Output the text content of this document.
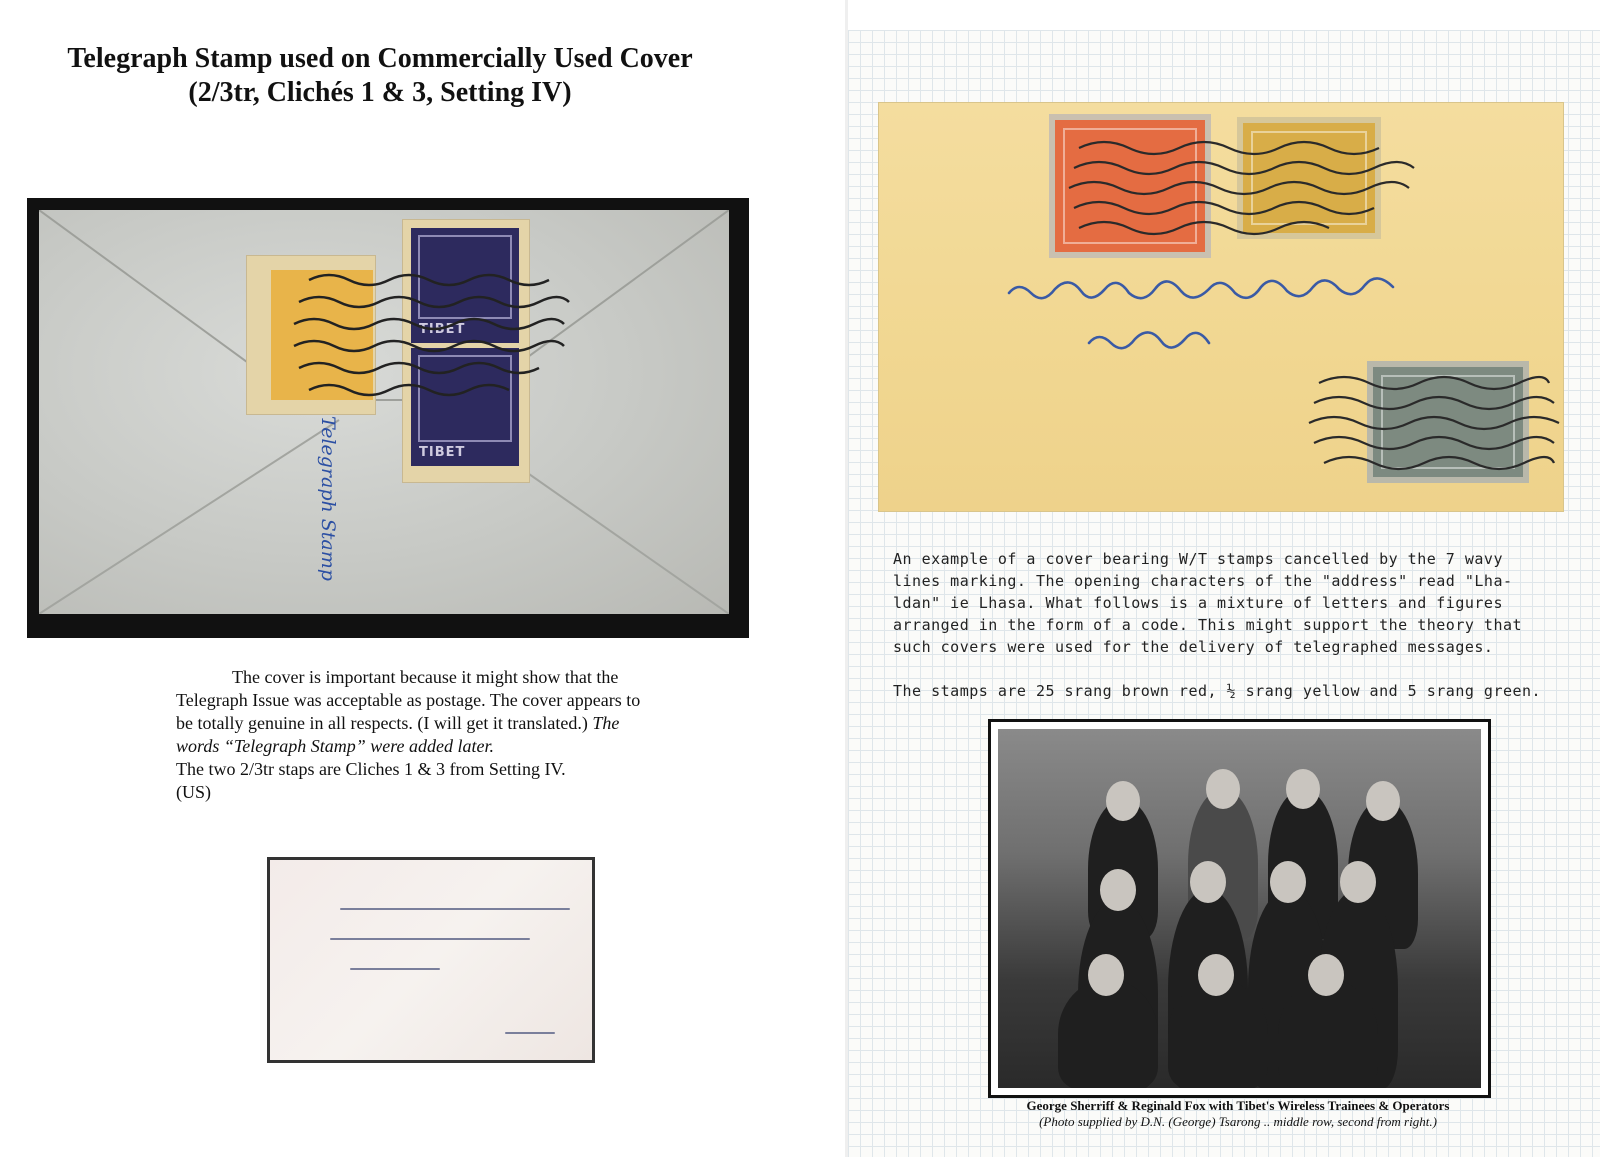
Telegraph Stamp used on Commercially Used Cover
(2/3tr, Clichés 1 & 3, Setting IV)
TIBET
TIBET
Telegraph Stamp

The cover is important because it might show that the Telegraph Issue was acceptable as postage. The cover appears to be totally genuine in all respects. (I will get it translated.) The words “Telegraph Stamp” were added later.

The two 2/3tr staps are Cliches 1 & 3 from Setting IV.

(US)

An example of a cover bearing W/T stamps cancelled by the 7 wavy lines marking. The opening characters of the "address" read "Lha-ldan" ie Lhasa. What follows is a mixture of letters and figures arranged in the form of a code. This might support the theory that such covers were used for the delivery of telegraphed messages.

The stamps are 25 srang brown red, ½ srang yellow and 5 srang green.

George Sherriff & Reginald Fox with Tibet's Wireless Trainees & Operators
(Photo supplied by D.N. (George) Tsarong .. middle row, second from right.)
